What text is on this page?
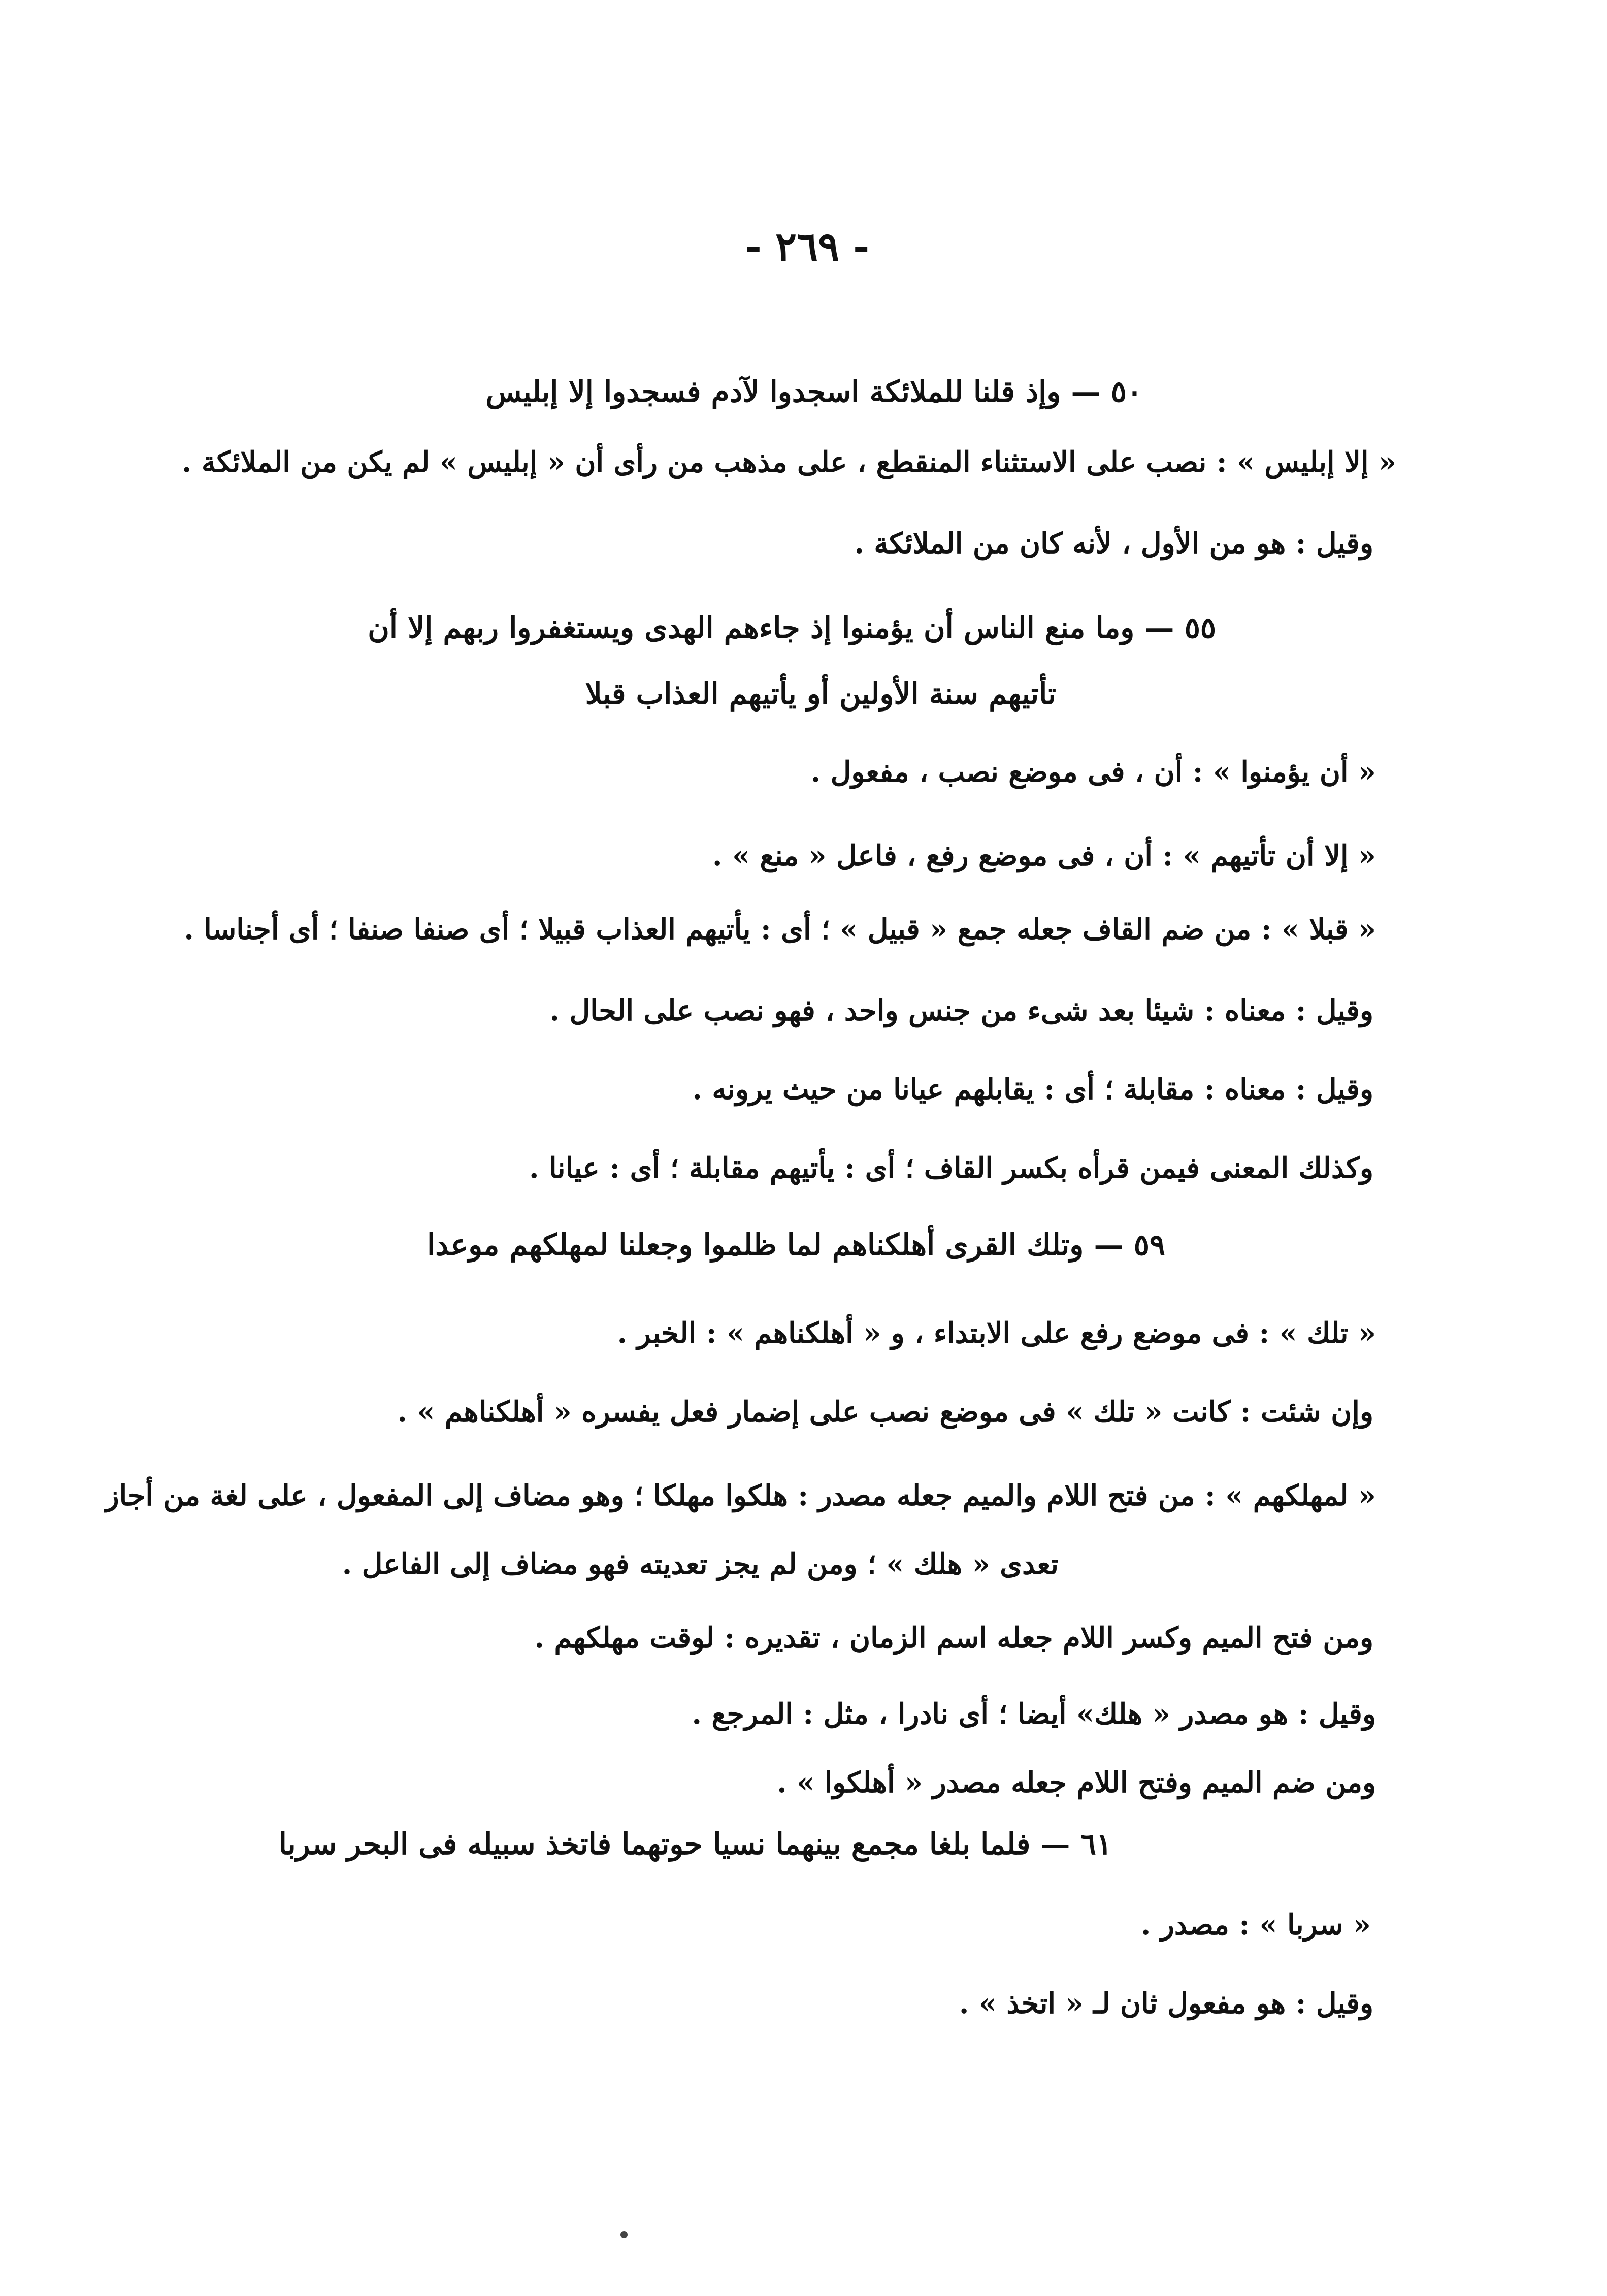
- ٢٦٩ -
٥٠ — وإذ قلنا للملائكة اسجدوا لآدم فسجدوا إلا إبليس
« إلا إبليس » : نصب على الاستثناء المنقطع ، على مذهب من رأى أن « إبليس » لم يكن من الملائكة .
وقيل : هو من الأول ، لأنه كان من الملائكة .
٥٥ — وما منع الناس أن يؤمنوا إذ جاءهم الهدى ويستغفروا ربهم إلا أن
تأتيهم سنة الأولين أو يأتيهم العذاب قبلا
« أن يؤمنوا » : أن ، فى موضع نصب ، مفعول .
« إلا أن تأتيهم » : أن ، فى موضع رفع ، فاعل « منع » .
« قبلا » : من ضم القاف جعله جمع « قبيل » ؛ أى : يأتيهم العذاب قبيلا ؛ أى صنفا صنفا ؛ أى أجناسا .
وقيل : معناه : شيئا بعد شىء من جنس واحد ، فهو نصب على الحال .
وقيل : معناه : مقابلة ؛ أى : يقابلهم عيانا من حيث يرونه .
وكذلك المعنى فيمن قرأه بكسر القاف ؛ أى : يأتيهم مقابلة ؛ أى : عيانا .
٥٩ — وتلك القرى أهلكناهم لما ظلموا وجعلنا لمهلكهم موعدا
« تلك » : فى موضع رفع على الابتداء ، و « أهلكناهم » : الخبر .
وإن شئت : كانت « تلك » فى موضع نصب على إضمار فعل يفسره « أهلكناهم » .
« لمهلكهم » : من فتح اللام والميم جعله مصدر : هلكوا مهلكا ؛ وهو مضاف إلى المفعول ، على لغة من أجاز
تعدى « هلك » ؛ ومن لم يجز تعديته فهو مضاف إلى الفاعل .
ومن فتح الميم وكسر اللام جعله اسم الزمان ، تقديره : لوقت مهلكهم .
وقيل : هو مصدر « هلك» أيضا ؛ أى نادرا ، مثل : المرجع .
ومن ضم الميم وفتح اللام جعله مصدر « أهلكوا » .
٦١ — فلما بلغا مجمع بينهما نسيا حوتهما فاتخذ سبيله فى البحر سربا
« سربا » : مصدر .
وقيل : هو مفعول ثان لـ « اتخذ » .
